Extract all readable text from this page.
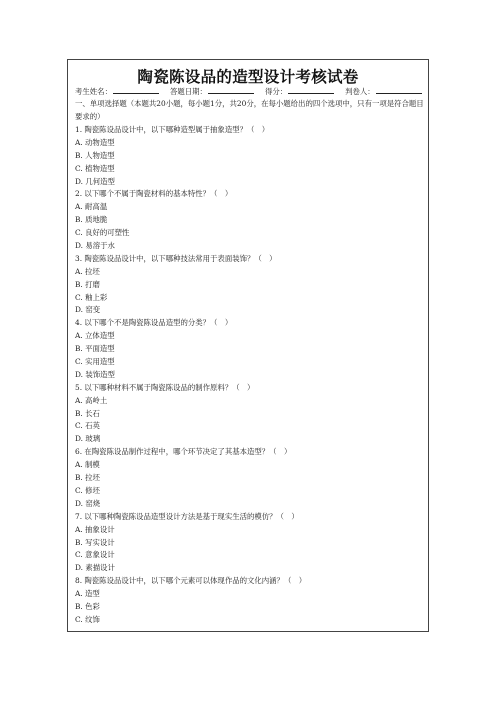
陶瓷陈设品的造型设计考核试卷
考生姓名：	答题日期：	得分：	判卷人：
一、单项选择题（本题共20小题，每小题1分，共20分，在每小题给出的四个选项中，只有一项是符合题目要求的）
1. 陶瓷陈设品设计中，以下哪种造型属于抽象造型？（　）
A. 动物造型
B. 人物造型
C. 植物造型
D. 几何造型
2. 以下哪个不属于陶瓷材料的基本特性？（　）
A. 耐高温
B. 质地脆
C. 良好的可塑性
D. 易溶于水
3. 陶瓷陈设品设计中，以下哪种技法常用于表面装饰？（　）
A. 拉坯
B. 打磨
C. 釉上彩
D. 窑变
4. 以下哪个不是陶瓷陈设品造型的分类？（　）
A. 立体造型
B. 平面造型
C. 实用造型
D. 装饰造型
5. 以下哪种材料不属于陶瓷陈设品的制作原料？（　）
A. 高岭土
B. 长石
C. 石英
D. 玻璃
6. 在陶瓷陈设品制作过程中，哪个环节决定了其基本造型？（　）
A. 制模
B. 拉坯
C. 修坯
D. 窑烧
7. 以下哪种陶瓷陈设品造型设计方法是基于现实生活的模仿？（　）
A. 抽象设计
B. 写实设计
C. 意象设计
D. 素描设计
8. 陶瓷陈设品设计中，以下哪个元素可以体现作品的文化内涵？（　）
A. 造型
B. 色彩
C. 纹饰
